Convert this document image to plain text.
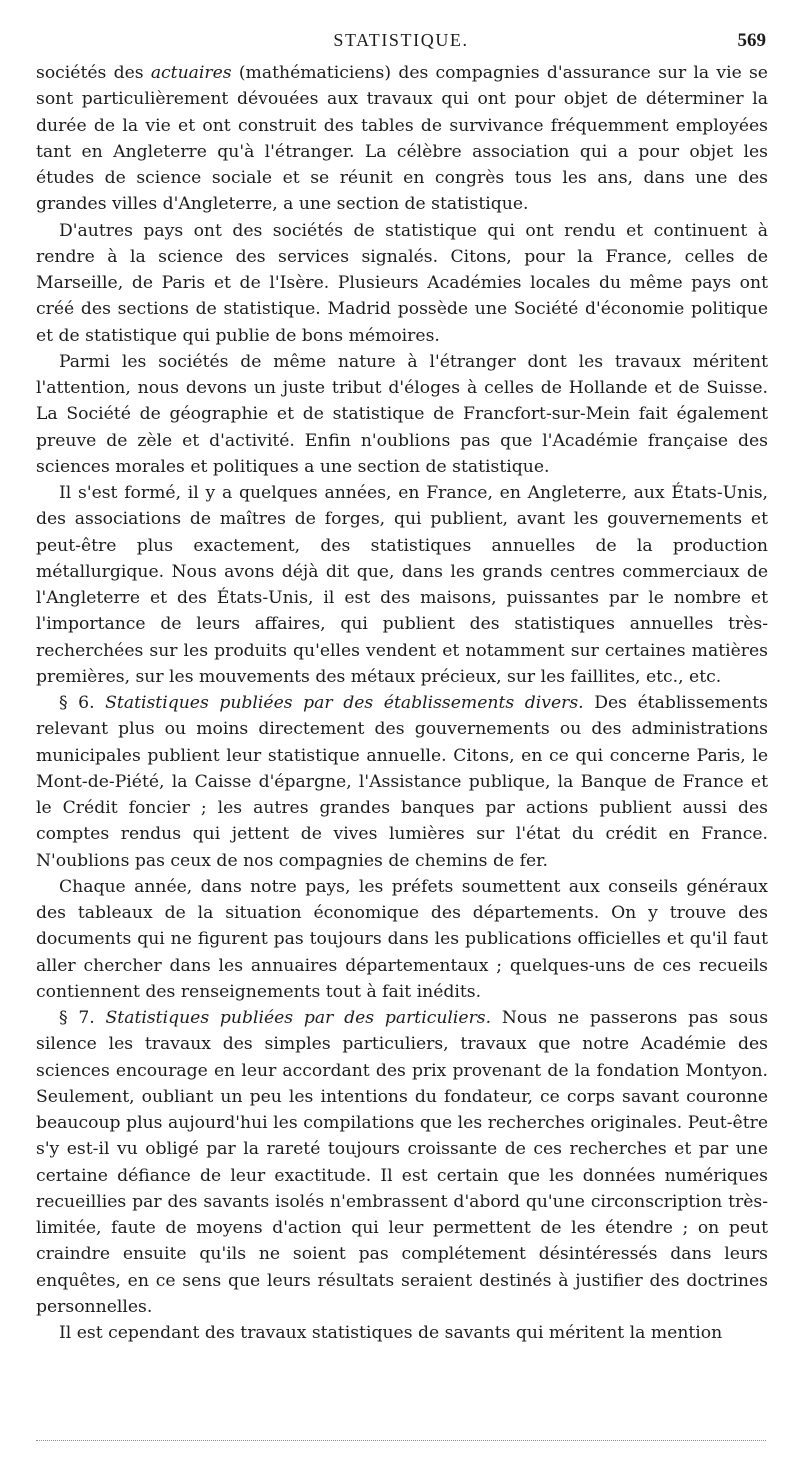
STATISTIQUE.	569

sociétés des actuaires (mathématiciens) des compagnies d'assurance sur la vie se sont particulièrement dévouées aux travaux qui ont pour objet de déterminer la durée de la vie et ont construit des tables de survivance fréquemment employées tant en Angleterre qu'à l'étranger. La célèbre association qui a pour objet les études de science sociale et se réunit en congrès tous les ans, dans une des grandes villes d'Angleterre, a une section de statistique.

D'autres pays ont des sociétés de statistique qui ont rendu et continuent à rendre à la science des services signalés. Citons, pour la France, celles de Marseille, de Paris et de l'Isère. Plusieurs Académies locales du même pays ont créé des sections de statistique. Madrid possède une Société d'économie politique et de statistique qui publie de bons mémoires.

Parmi les sociétés de même nature à l'étranger dont les travaux méritent l'attention, nous devons un juste tribut d'éloges à celles de Hollande et de Suisse. La Société de géographie et de statistique de Francfort-sur-Mein fait également preuve de zèle et d'activité. Enfin n'oublions pas que l'Académie française des sciences morales et politiques a une section de statistique.

Il s'est formé, il y a quelques années, en France, en Angleterre, aux États-Unis, des associations de maîtres de forges, qui publient, avant les gouvernements et peut-être plus exactement, des statistiques annuelles de la production métallurgique. Nous avons déjà dit que, dans les grands centres commerciaux de l'Angleterre et des États-Unis, il est des maisons, puissantes par le nombre et l'importance de leurs affaires, qui publient des statistiques annuelles très-recherchées sur les produits qu'elles vendent et notamment sur certaines matières premières, sur les mouvements des métaux précieux, sur les faillites, etc., etc.

§ 6. Statistiques publiées par des établissements divers. Des établissements relevant plus ou moins directement des gouvernements ou des administrations municipales publient leur statistique annuelle. Citons, en ce qui concerne Paris, le Mont-de-Piété, la Caisse d'épargne, l'Assistance publique, la Banque de France et le Crédit foncier ; les autres grandes banques par actions publient aussi des comptes rendus qui jettent de vives lumières sur l'état du crédit en France. N'oublions pas ceux de nos compagnies de chemins de fer.

Chaque année, dans notre pays, les préfets soumettent aux conseils généraux des tableaux de la situation économique des départements. On y trouve des documents qui ne figurent pas toujours dans les publications officielles et qu'il faut aller chercher dans les annuaires départementaux ; quelques-uns de ces recueils contiennent des renseignements tout à fait inédits.

§ 7. Statistiques publiées par des particuliers. Nous ne passerons pas sous silence les travaux des simples particuliers, travaux que notre Académie des sciences encourage en leur accordant des prix provenant de la fondation Montyon. Seulement, oubliant un peu les intentions du fondateur, ce corps savant couronne beaucoup plus aujourd'hui les compilations que les recherches originales. Peut-être s'y est-il vu obligé par la rareté toujours croissante de ces recherches et par une certaine défiance de leur exactitude. Il est certain que les données numériques recueillies par des savants isolés n'embrassent d'abord qu'une circonscription très-limitée, faute de moyens d'action qui leur permettent de les étendre ; on peut craindre ensuite qu'ils ne soient pas complétement désintéressés dans leurs enquêtes, en ce sens que leurs résultats seraient destinés à justifier des doctrines personnelles.

Il est cependant des travaux statistiques de savants qui méritent la mention
